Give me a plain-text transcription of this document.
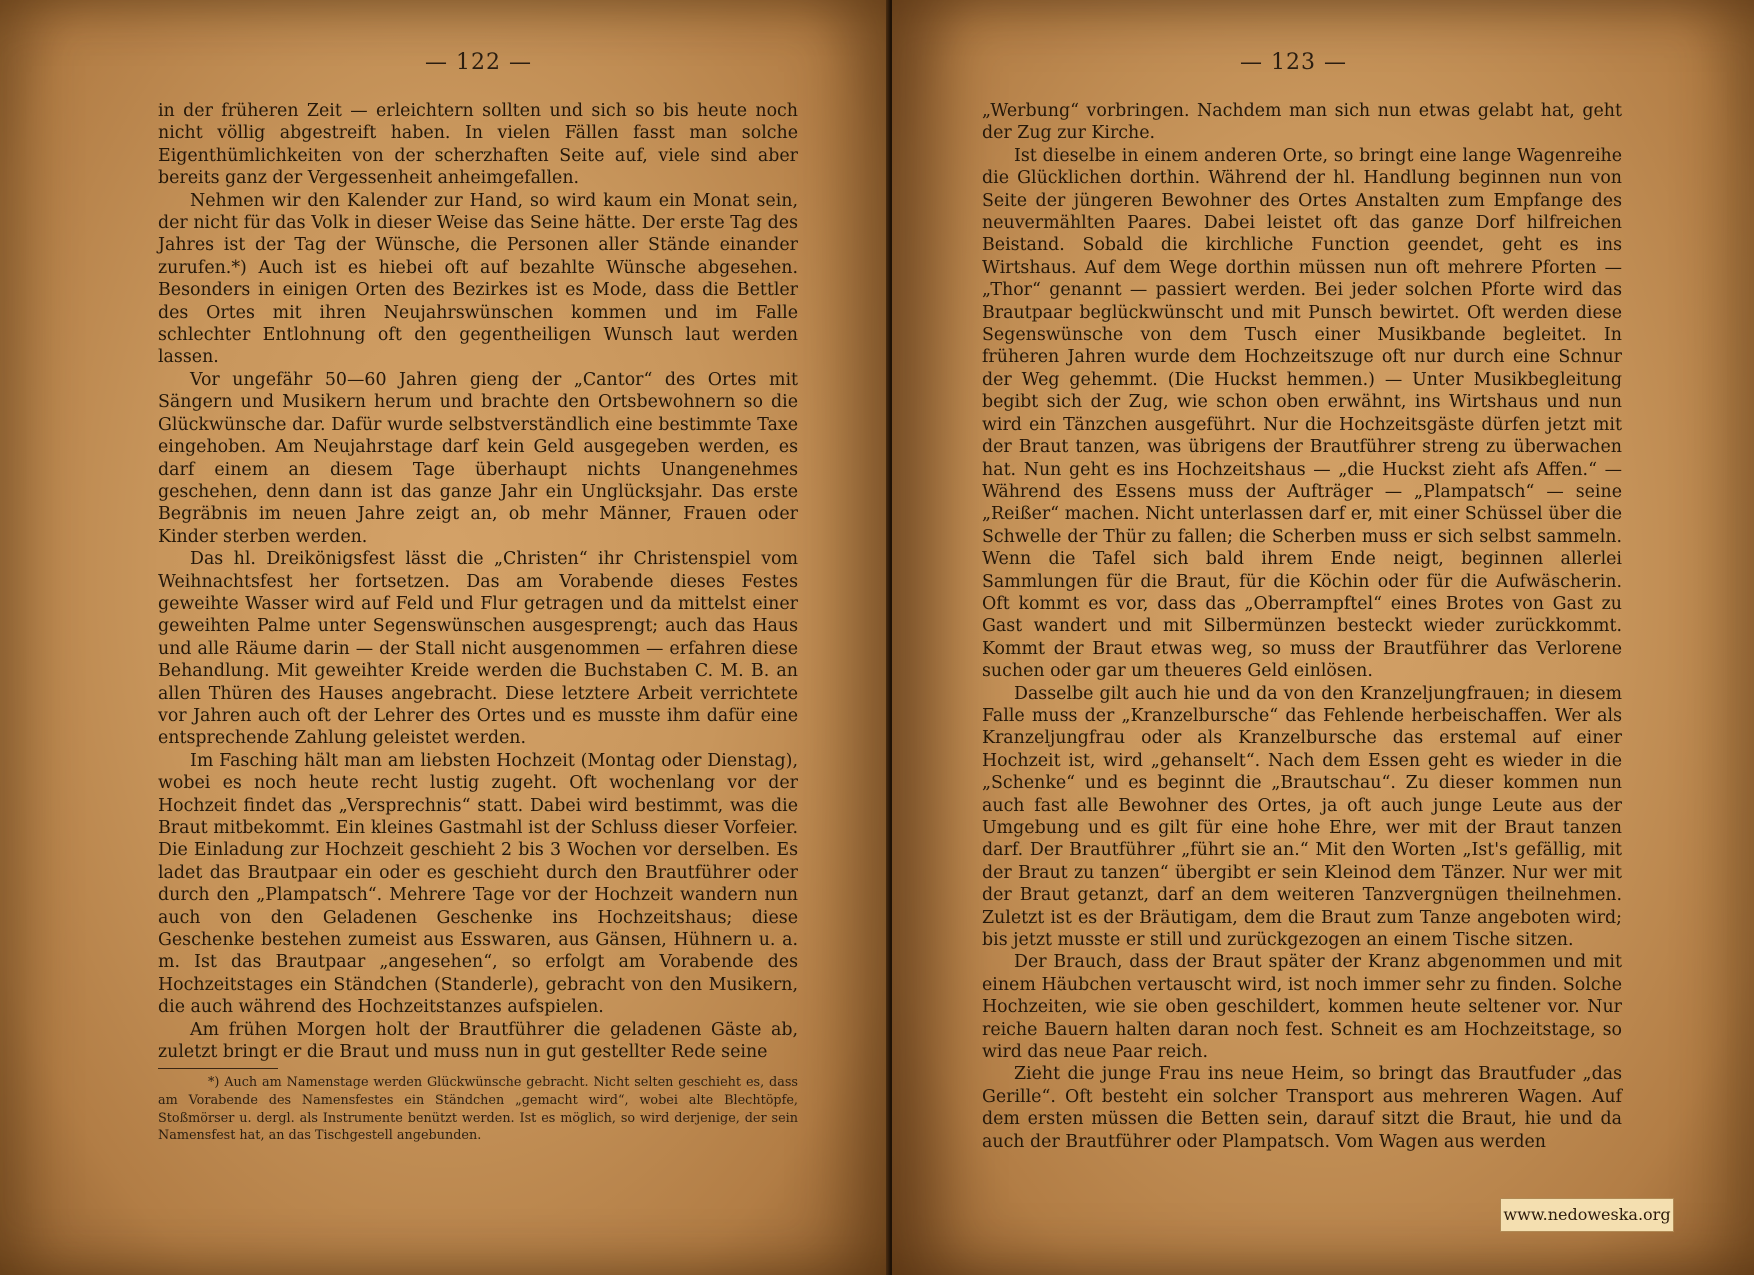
— 122 —

in der früheren Zeit — erleichtern sollten und sich so bis heute noch nicht völlig abgestreift haben. In vielen Fällen fasst man solche Eigenthümlichkeiten von der scherzhaften Seite auf, viele sind aber bereits ganz der Vergessenheit anheimgefallen.

Nehmen wir den Kalender zur Hand, so wird kaum ein Monat sein, der nicht für das Volk in dieser Weise das Seine hätte. Der erste Tag des Jahres ist der Tag der Wünsche, die Personen aller Stände einander zurufen.*) Auch ist es hiebei oft auf bezahlte Wünsche abgesehen. Besonders in einigen Orten des Bezirkes ist es Mode, dass die Bettler des Ortes mit ihren Neujahrswünschen kommen und im Falle schlechter Entlohnung oft den gegentheiligen Wunsch laut werden lassen.

Vor ungefähr 50—60 Jahren gieng der „Cantor“ des Ortes mit Sängern und Musikern herum und brachte den Ortsbewohnern so die Glückwünsche dar. Dafür wurde selbstverständlich eine bestimmte Taxe eingehoben. Am Neujahrstage darf kein Geld ausgegeben werden, es darf einem an diesem Tage überhaupt nichts Unangenehmes geschehen, denn dann ist das ganze Jahr ein Unglücksjahr. Das erste Begräbnis im neuen Jahre zeigt an, ob mehr Männer, Frauen oder Kinder sterben werden.

Das hl. Dreikönigsfest lässt die „Christen“ ihr Christenspiel vom Weihnachtsfest her fortsetzen. Das am Vorabende dieses Festes geweihte Wasser wird auf Feld und Flur getragen und da mittelst einer geweihten Palme unter Segenswünschen ausgesprengt; auch das Haus und alle Räume darin — der Stall nicht ausgenommen — erfahren diese Behandlung. Mit geweihter Kreide werden die Buchstaben C. M. B. an allen Thüren des Hauses angebracht. Diese letztere Arbeit verrichtete vor Jahren auch oft der Lehrer des Ortes und es musste ihm dafür eine entsprechende Zahlung geleistet werden.

Im Fasching hält man am liebsten Hochzeit (Montag oder Dienstag), wobei es noch heute recht lustig zugeht. Oft wochenlang vor der Hochzeit findet das „Versprechnis“ statt. Dabei wird bestimmt, was die Braut mitbekommt. Ein kleines Gastmahl ist der Schluss dieser Vorfeier. Die Einladung zur Hochzeit geschieht 2 bis 3 Wochen vor derselben. Es ladet das Brautpaar ein oder es geschieht durch den Brautführer oder durch den „Plampatsch“. Mehrere Tage vor der Hochzeit wandern nun auch von den Geladenen Geschenke ins Hochzeitshaus; diese Geschenke bestehen zumeist aus Esswaren, aus Gänsen, Hühnern u. a. m. Ist das Brautpaar „angesehen“, so erfolgt am Vorabende des Hochzeitstages ein Ständchen (Standerle), gebracht von den Musikern, die auch während des Hochzeitstanzes aufspielen.

Am frühen Morgen holt der Brautführer die geladenen Gäste ab, zuletzt bringt er die Braut und muss nun in gut gestellter Rede seine

*) Auch am Namenstage werden Glückwünsche gebracht. Nicht selten geschieht es, dass am Vorabende des Namensfestes ein Ständchen „gemacht wird“, wobei alte Blechtöpfe, Stoßmörser u. dergl. als Instrumente benützt werden. Ist es möglich, so wird derjenige, der sein Namensfest hat, an das Tischgestell angebunden.
— 123 —

„Werbung“ vorbringen. Nachdem man sich nun etwas gelabt hat, geht der Zug zur Kirche.

Ist dieselbe in einem anderen Orte, so bringt eine lange Wagenreihe die Glücklichen dorthin. Während der hl. Handlung beginnen nun von Seite der jüngeren Bewohner des Ortes Anstalten zum Empfange des neuvermählten Paares. Dabei leistet oft das ganze Dorf hilfreichen Beistand. Sobald die kirchliche Function geendet, geht es ins Wirtshaus. Auf dem Wege dorthin müssen nun oft mehrere Pforten — „Thor“ genannt — passiert werden. Bei jeder solchen Pforte wird das Brautpaar beglückwünscht und mit Punsch bewirtet. Oft werden diese Segenswünsche von dem Tusch einer Musikbande begleitet. In früheren Jahren wurde dem Hochzeitszuge oft nur durch eine Schnur der Weg gehemmt. (Die Huckst hemmen.) — Unter Musikbegleitung begibt sich der Zug, wie schon oben erwähnt, ins Wirtshaus und nun wird ein Tänzchen ausgeführt. Nur die Hochzeitsgäste dürfen jetzt mit der Braut tanzen, was übrigens der Brautführer streng zu überwachen hat. Nun geht es ins Hochzeitshaus — „die Huckst zieht afs Affen.“ — Während des Essens muss der Aufträger — „Plampatsch“ — seine „Reißer“ machen. Nicht unterlassen darf er, mit einer Schüssel über die Schwelle der Thür zu fallen; die Scherben muss er sich selbst sammeln. Wenn die Tafel sich bald ihrem Ende neigt, beginnen allerlei Sammlungen für die Braut, für die Köchin oder für die Aufwäscherin. Oft kommt es vor, dass das „Oberrampftel“ eines Brotes von Gast zu Gast wandert und mit Silbermünzen besteckt wieder zurückkommt. Kommt der Braut etwas weg, so muss der Brautführer das Verlorene suchen oder gar um theueres Geld einlösen.

Dasselbe gilt auch hie und da von den Kranzeljungfrauen; in diesem Falle muss der „Kranzelbursche“ das Fehlende herbeischaffen. Wer als Kranzeljungfrau oder als Kranzelbursche das erstemal auf einer Hochzeit ist, wird „gehanselt“. Nach dem Essen geht es wieder in die „Schenke“ und es beginnt die „Brautschau“. Zu dieser kommen nun auch fast alle Bewohner des Ortes, ja oft auch junge Leute aus der Umgebung und es gilt für eine hohe Ehre, wer mit der Braut tanzen darf. Der Brautführer „führt sie an.“ Mit den Worten „Ist's gefällig, mit der Braut zu tanzen“ übergibt er sein Kleinod dem Tänzer. Nur wer mit der Braut getanzt, darf an dem weiteren Tanzvergnügen theilnehmen. Zuletzt ist es der Bräutigam, dem die Braut zum Tanze angeboten wird; bis jetzt musste er still und zurückgezogen an einem Tische sitzen.

Der Brauch, dass der Braut später der Kranz abgenommen und mit einem Häubchen vertauscht wird, ist noch immer sehr zu finden. Solche Hochzeiten, wie sie oben geschildert, kommen heute seltener vor. Nur reiche Bauern halten daran noch fest. Schneit es am Hochzeitstage, so wird das neue Paar reich.

Zieht die junge Frau ins neue Heim, so bringt das Brautfuder „das Gerille“. Oft besteht ein solcher Transport aus mehreren Wagen. Auf dem ersten müssen die Betten sein, darauf sitzt die Braut, hie und da auch der Brautführer oder Plampatsch. Vom Wagen aus werden

www.nedoweska.org
